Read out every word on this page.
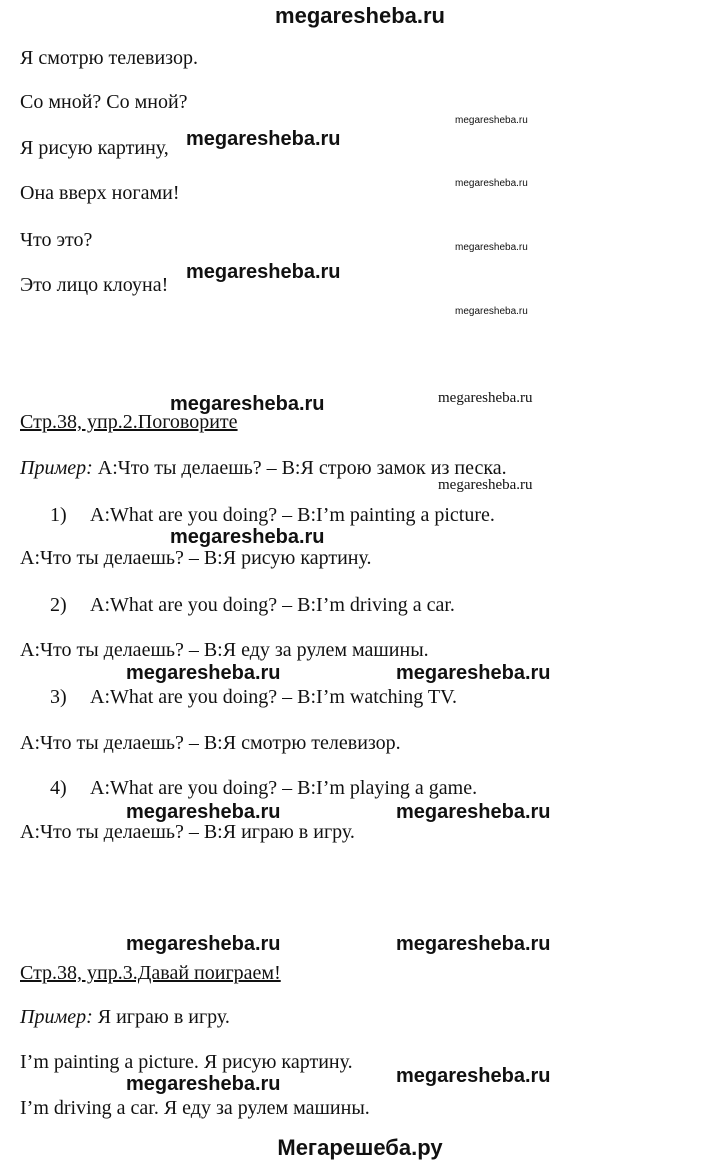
megaresheba.ru
Я смотрю телевизор.
Со мной? Со мной?
Я рисую картину,
Она вверх ногами!
Что это?
Это лицо клоуна!
Стр.38, упр.2.Поговорите
Пример: А:Что ты делаешь? – В:Я строю замок из песка.
1) A:What are you doing? – B:I’m painting a picture.
А:Что ты делаешь? – В:Я рисую картину.
2) A:What are you doing? – B:I’m driving a car.
А:Что ты делаешь? – В:Я еду за рулем машины.
3) A:What are you doing? – B:I’m watching TV.
А:Что ты делаешь? – В:Я смотрю телевизор.
4) A:What are you doing? – B:I’m playing a game.
А:Что ты делаешь? – В:Я играю в игру.
Стр.38, упр.3.Давай поиграем!
Пример: Я играю в игру.
I’m painting a picture. Я рисую картину.
I’m driving a car. Я еду за рулем машины.
megaresheba.ru
megaresheba.ru
megaresheba.ru
megaresheba.ru
megaresheba.ru	megaresheba.ru
megaresheba.ru	megaresheba.ru
megaresheba.ru	megaresheba.ru
megaresheba.ru	megaresheba.ru
megaresheba.ru
megaresheba.ru
megaresheba.ru
megaresheba.ru
megaresheba.ru
megaresheba.ru
Мегарешеба.ру
